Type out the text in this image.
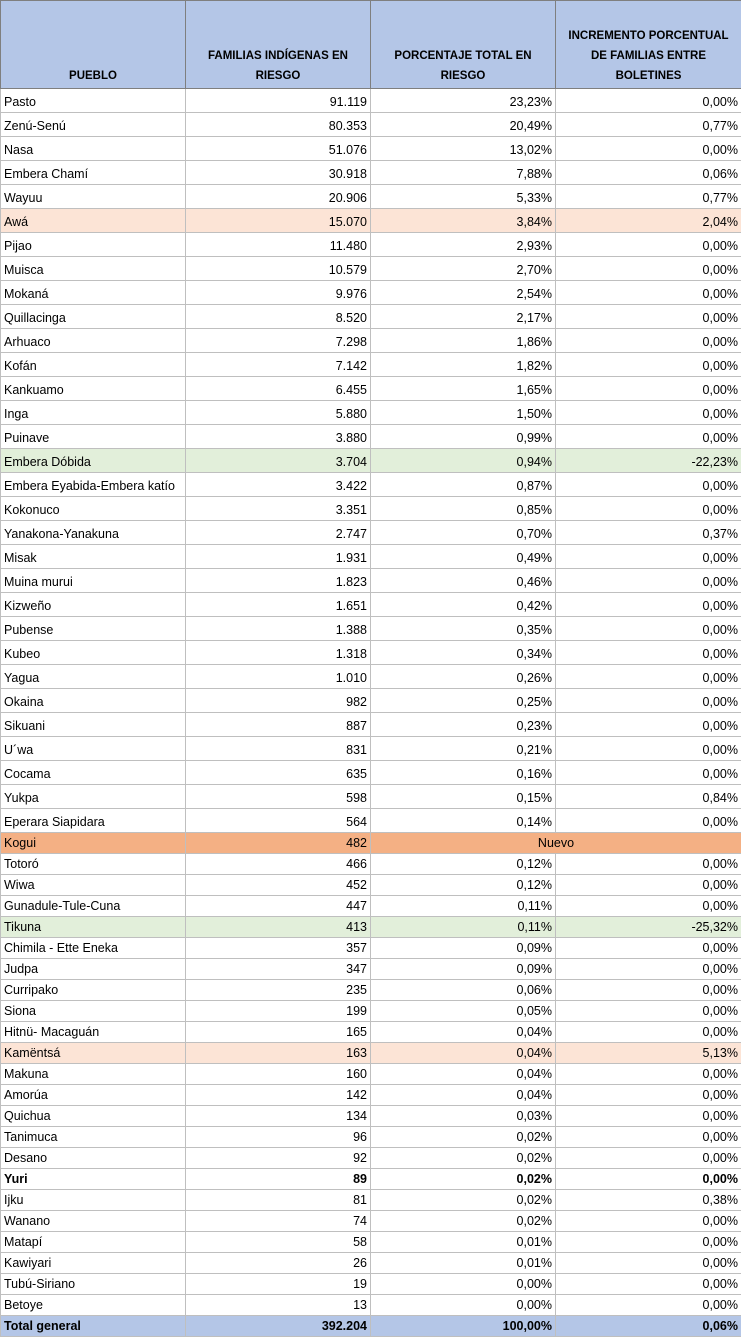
PUEBLO	FAMILIAS INDÍGENAS EN RIESGO	PORCENTAJE TOTAL EN RIESGO	INCREMENTO PORCENTUAL DE FAMILIAS ENTRE BOLETINES
Pasto	91.119	23,23%	0,00%
Zenú-Senú	80.353	20,49%	0,77%
Nasa	51.076	13,02%	0,00%
Embera Chamí	30.918	7,88%	0,06%
Wayuu	20.906	5,33%	0,77%
Awá	15.070	3,84%	2,04%
Pijao	11.480	2,93%	0,00%
Muisca	10.579	2,70%	0,00%
Mokaná	9.976	2,54%	0,00%
Quillacinga	8.520	2,17%	0,00%
Arhuaco	7.298	1,86%	0,00%
Kofán	7.142	1,82%	0,00%
Kankuamo	6.455	1,65%	0,00%
Inga	5.880	1,50%	0,00%
Puinave	3.880	0,99%	0,00%
Embera Dóbida	3.704	0,94%	-22,23%
Embera Eyabida-Embera katío	3.422	0,87%	0,00%
Kokonuco	3.351	0,85%	0,00%
Yanakona-Yanakuna	2.747	0,70%	0,37%
Misak	1.931	0,49%	0,00%
Muina murui	1.823	0,46%	0,00%
Kizweño	1.651	0,42%	0,00%
Pubense	1.388	0,35%	0,00%
Kubeo	1.318	0,34%	0,00%
Yagua	1.010	0,26%	0,00%
Okaina	982	0,25%	0,00%
Sikuani	887	0,23%	0,00%
U´wa	831	0,21%	0,00%
Cocama	635	0,16%	0,00%
Yukpa	598	0,15%	0,84%
Eperara Siapidara	564	0,14%	0,00%
Kogui	482	Nuevo	
Totoró	466	0,12%	0,00%
Wiwa	452	0,12%	0,00%
Gunadule-Tule-Cuna	447	0,11%	0,00%
Tikuna	413	0,11%	-25,32%
Chimila - Ette Eneka	357	0,09%	0,00%
Judpa	347	0,09%	0,00%
Curripako	235	0,06%	0,00%
Siona	199	0,05%	0,00%
Hitnü- Macaguán	165	0,04%	0,00%
Kamëntsá	163	0,04%	5,13%
Makuna	160	0,04%	0,00%
Amorúa	142	0,04%	0,00%
Quichua	134	0,03%	0,00%
Tanimuca	96	0,02%	0,00%
Desano	92	0,02%	0,00%
Yuri	89	0,02%	0,00%
Ijku	81	0,02%	0,38%
Wanano	74	0,02%	0,00%
Matapí	58	0,01%	0,00%
Kawiyari	26	0,01%	0,00%
Tubú-Siriano	19	0,00%	0,00%
Betoye	13	0,00%	0,00%
Total general	392.204	100,00%	0,06%
